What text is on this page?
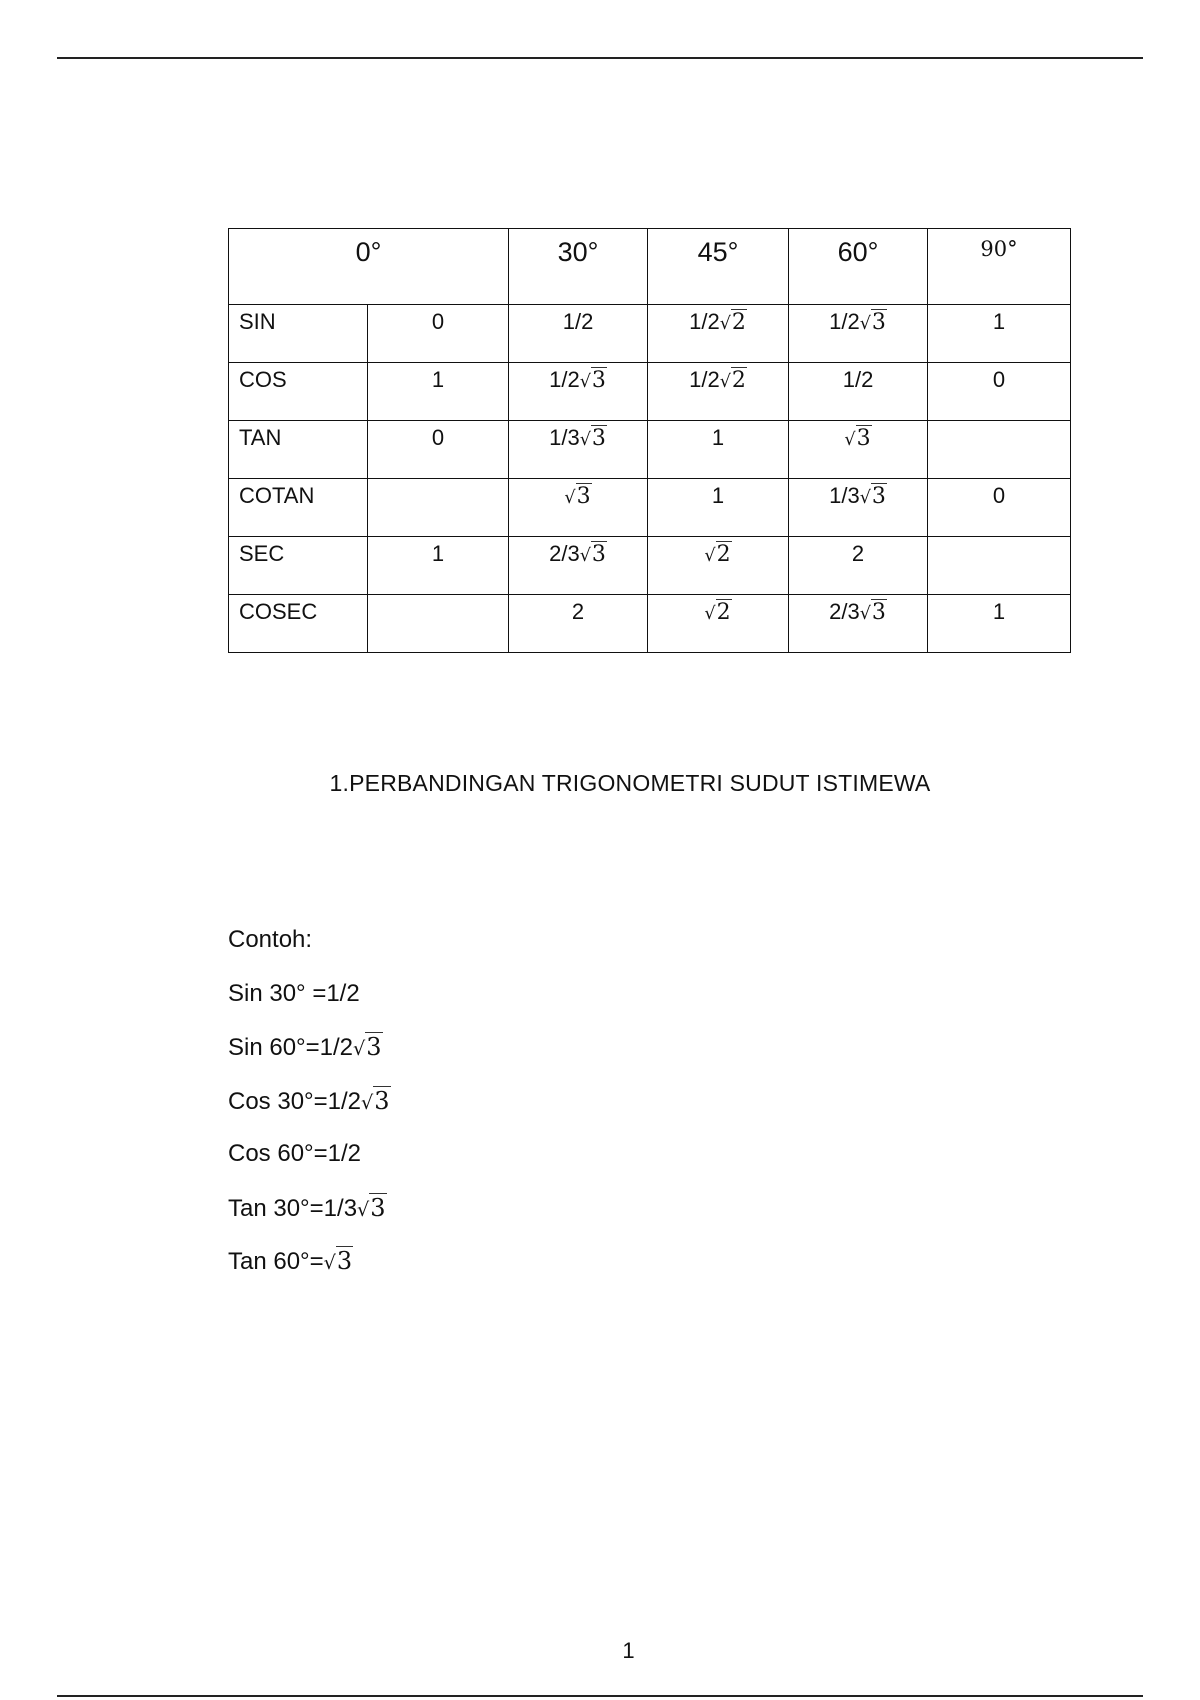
0°		30°	45°	60°	90°
SIN	0	1/2	1/2√2	1/2√3	1
COS	1	1/2√3	1/2√2	1/2	0
TAN	0	1/3√3	1	√3	
COTAN		√3	1	1/3√3	0
SEC	1	2/3√3	√2	2	
COSEC		2	√2	2/3√3	1
1.PERBANDINGAN TRIGONOMETRI SUDUT ISTIMEWA
Contoh:
Sin 30° =1/2
Sin 60°=1/2√3
Cos 30°=1/2√3
Cos 60°=1/2
Tan 30°=1/3√3
Tan 60°=√3
1
